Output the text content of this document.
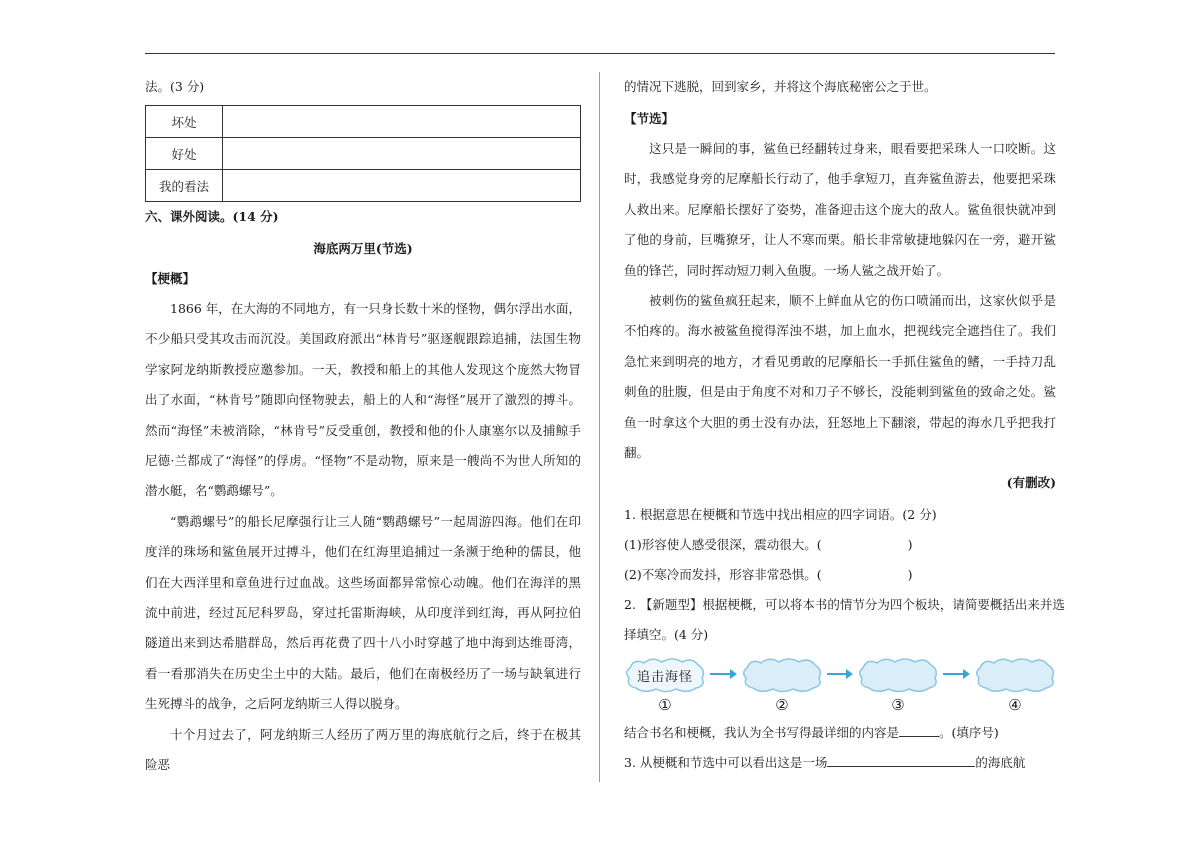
法。(3 分)
坏处	
好处	
我的看法	
六、课外阅读。(14 分)
海底两万里(节选)
【梗概】
1866 年，在大海的不同地方，有一只身长数十米的怪物，偶尔浮出水面，不少船只受其攻击而沉没。美国政府派出“林肯号”驱逐舰跟踪追捕，法国生物学家阿龙纳斯教授应邀参加。一天，教授和船上的其他人发现这个庞然大物冒出了水面，“林肯号”随即向怪物驶去，船上的人和“海怪”展开了激烈的搏斗。然而“海怪”未被消除，“林肯号”反受重创，教授和他的仆人康塞尔以及捕鲸手尼德·兰都成了“海怪”的俘虏。“怪物”不是动物，原来是一艘尚不为世人所知的潜水艇，名“鹦鹉螺号”。
“鹦鹉螺号”的船长尼摩强行让三人随“鹦鹉螺号”一起周游四海。他们在印度洋的珠场和鲨鱼展开过搏斗，他们在红海里追捕过一条濒于绝种的儒艮，他们在大西洋里和章鱼进行过血战。这些场面都异常惊心动魄。他们在海洋的黑流中前进，经过瓦尼科罗岛，穿过托雷斯海峡，从印度洋到红海，再从阿拉伯隧道出来到达希腊群岛，然后再花费了四十八小时穿越了地中海到达维哥湾，看一看那消失在历史尘土中的大陆。最后，他们在南极经历了一场与缺氧进行生死搏斗的战争，之后阿龙纳斯三人得以脱身。
十个月过去了，阿龙纳斯三人经历了两万里的海底航行之后，终于在极其险恶
的情况下逃脱，回到家乡，并将这个海底秘密公之于世。
【节选】
这只是一瞬间的事，鲨鱼已经翻转过身来，眼看要把采珠人一口咬断。这时，我感觉身旁的尼摩船长行动了，他手拿短刀，直奔鲨鱼游去，他要把采珠人救出来。尼摩船长摆好了姿势，准备迎击这个庞大的敌人。鲨鱼很快就冲到了他的身前，巨嘴獠牙，让人不寒而栗。船长非常敏捷地躲闪在一旁，避开鲨鱼的锋芒，同时挥动短刀刺入鱼腹。一场人鲨之战开始了。
被刺伤的鲨鱼疯狂起来，顺不上鲜血从它的伤口喷涌而出，这家伙似乎是不怕疼的。海水被鲨鱼搅得浑浊不堪，加上血水，把视线完全遮挡住了。我们急忙来到明亮的地方，才看见勇敢的尼摩船长一手抓住鲨鱼的鳍，一手持刀乱刺鱼的肚腹，但是由于角度不对和刀子不够长，没能刺到鲨鱼的致命之处。鲨鱼一时拿这个大胆的勇士没有办法，狂怒地上下翻滚，带起的海水几乎把我打翻。
(有删改)
1. 根据意思在梗概和节选中找出相应的四字词语。(2 分)
(1)形容使人感受很深，震动很大。(	)
(2)不寒冷而发抖，形容非常恐惧。(	)
2. 【新题型】根据梗概，可以将本书的情节分为四个板块，请简要概括出来并选
择填空。(4 分)
追击海怪
①	②	③	④
结合书名和梗概，我认为全书写得最详细的内容是	。(填序号)
3. 从梗概和节选中可以看出这是一场	的海底航
